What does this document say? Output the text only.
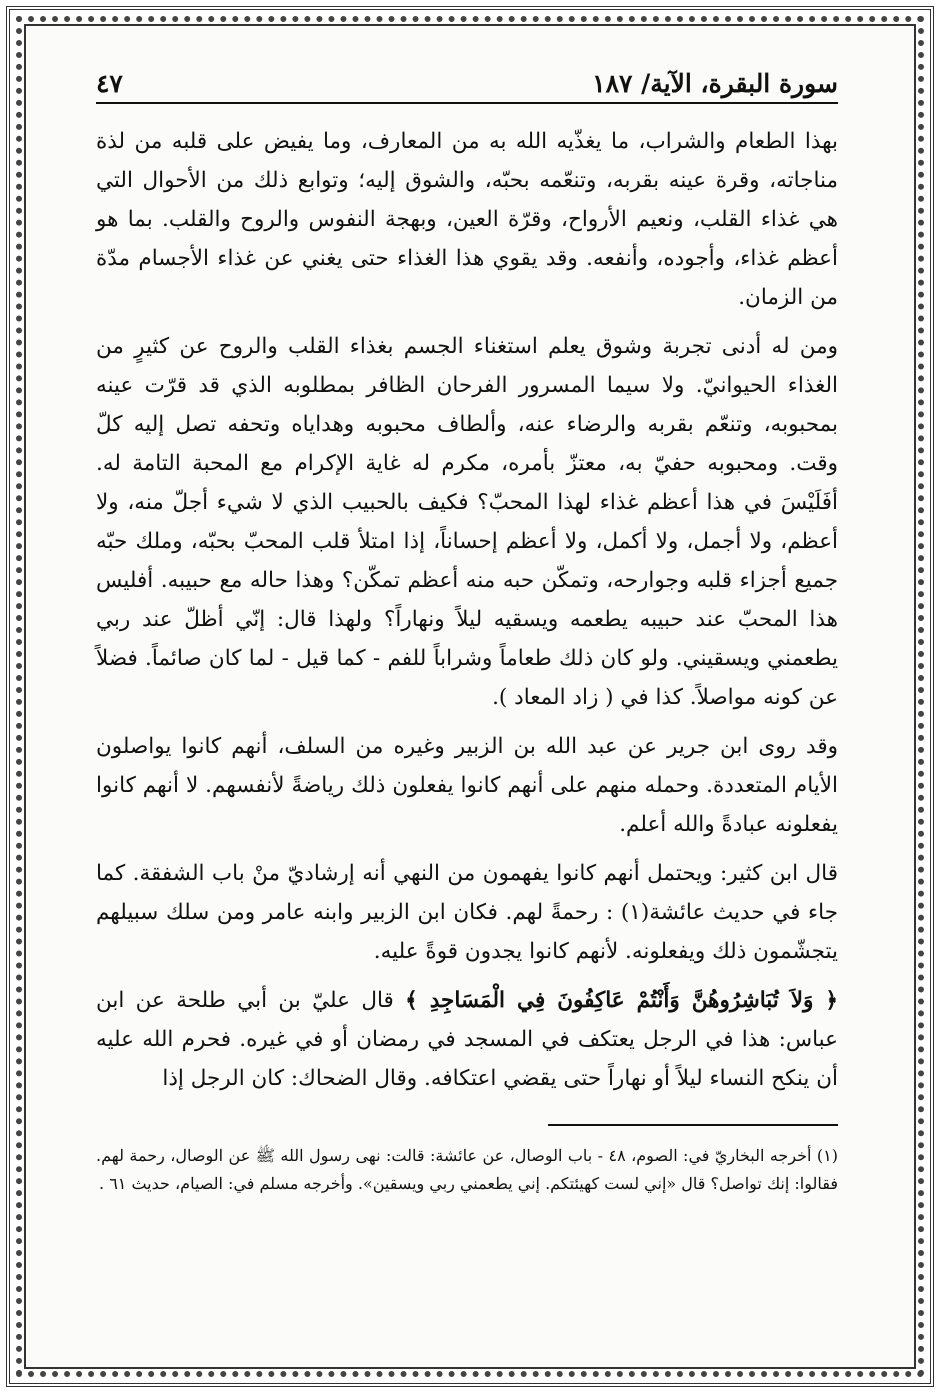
سورة البقرة، الآية/ ١٨٧
٤٧

بهذا الطعام والشراب، ما يغذّيه الله به من المعارف، وما يفيض على قلبه من لذة مناجاته، وقرة عينه بقربه، وتنعّمه بحبّه، والشوق إليه؛ وتوابع ذلك من الأحوال التي هي غذاء القلب، ونعيم الأرواح، وقرّة العين، وبهجة النفوس والروح والقلب. بما هو أعظم غذاء، وأجوده، وأنفعه. وقد يقوي هذا الغذاء حتى يغني عن غذاء الأجسام مدّة من الزمان.

ومن له أدنى تجربة وشوق يعلم استغناء الجسم بغذاء القلب والروح عن كثيرٍ من الغذاء الحيوانيّ. ولا سيما المسرور الفرحان الظافر بمطلوبه الذي قد قرّت عينه بمحبوبه، وتنعّم بقربه والرضاء عنه، وألطاف محبوبه وهداياه وتحفه تصل إليه كلّ وقت. ومحبوبه حفيّ به، معتزّ بأمره، مكرم له غاية الإكرام مع المحبة التامة له. أفَلَيْسَ في هذا أعظم غذاء لهذا المحبّ؟ فكيف بالحبيب الذي لا شيء أجلّ منه، ولا أعظم، ولا أجمل، ولا أكمل، ولا أعظم إحساناً، إذا امتلأ قلب المحبّ بحبّه، وملك حبّه جميع أجزاء قلبه وجوارحه، وتمكّن حبه منه أعظم تمكّن؟ وهذا حاله مع حبيبه. أفليس هذا المحبّ عند حبيبه يطعمه ويسقيه ليلاً ونهاراً؟ ولهذا قال: إنّي أظلّ عند ربي يطعمني ويسقيني. ولو كان ذلك طعاماً وشراباً للفم - كما قيل - لما كان صائماً. فضلاً عن كونه مواصلاً. كذا في ( زاد المعاد ).

وقد روى ابن جرير عن عبد الله بن الزبير وغيره من السلف، أنهم كانوا يواصلون الأيام المتعددة. وحمله منهم على أنهم كانوا يفعلون ذلك رياضةً لأنفسهم. لا أنهم كانوا يفعلونه عبادةً والله أعلم.

قال ابن كثير: ويحتمل أنهم كانوا يفهمون من النهي أنه إرشاديّ منْ باب الشفقة. كما جاء في حديث عائشة(١) : رحمةً لهم. فكان ابن الزبير وابنه عامر ومن سلك سبيلهم يتجشّمون ذلك ويفعلونه. لأنهم كانوا يجدون قوةً عليه.

﴿ وَلاَ تُبَاشِرُوهُنَّ وَأَنْتُمْ عَاكِفُونَ فِي الْمَسَاجِدِ ﴾ قال عليّ بن أبي طلحة عن ابن عباس: هذا في الرجل يعتكف في المسجد في رمضان أو في غيره. فحرم الله عليه أن ينكح النساء ليلاً أو نهاراً حتى يقضي اعتكافه. وقال الضحاك: كان الرجل إذا

(١) أخرجه البخاريّ في: الصوم، ٤٨ - باب الوصال، عن عائشة: قالت: نهى رسول الله ﷺ عن الوصال، رحمة لهم. فقالوا: إنك تواصل؟ قال «إني لست كهيئتكم. إني يطعمني ربي ويسقين». وأخرجه مسلم في: الصيام، حديث ٦١ .
